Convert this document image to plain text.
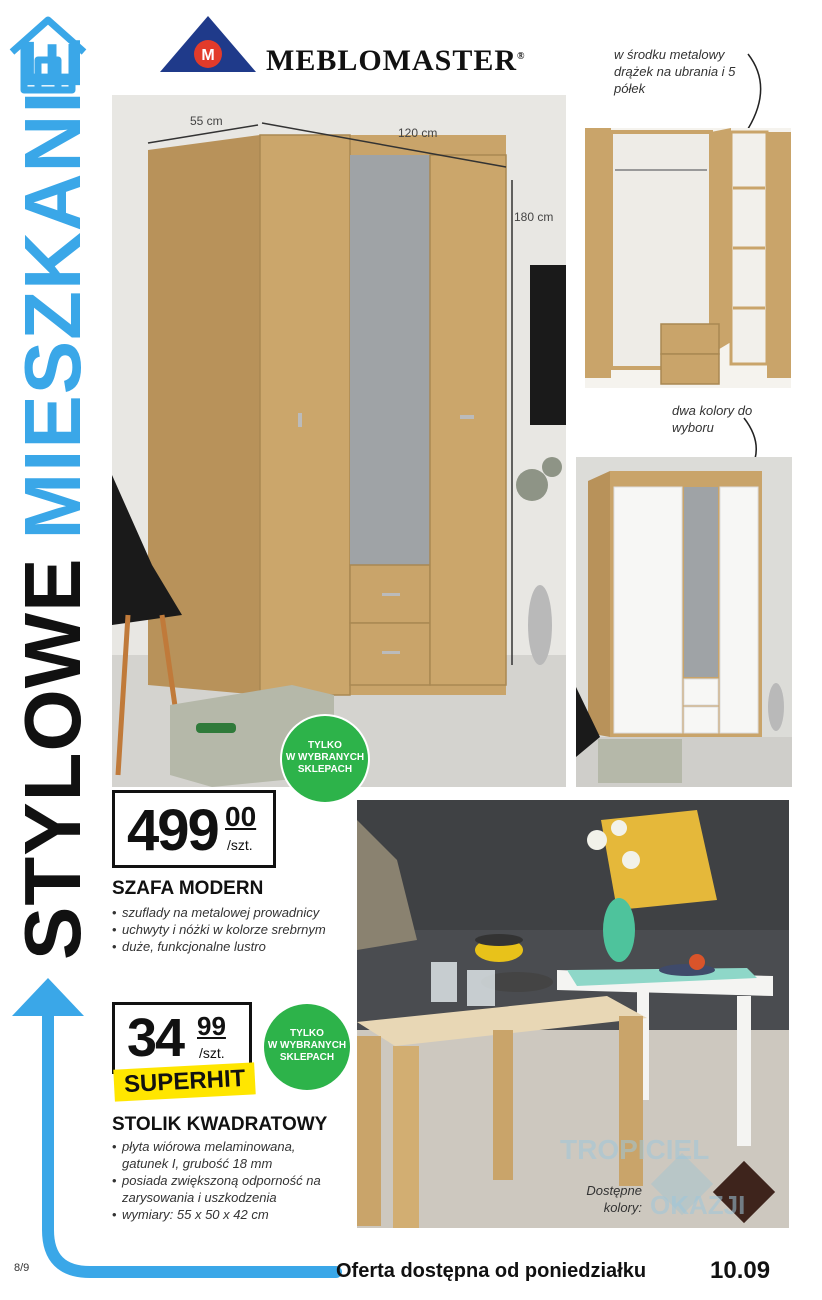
STYLOWEMIESZKANIE	M MEBLOMASTER®
55 cm
120 cm
180 cm
w środku metalowy drążek na ubrania i 5 półek
dwa kolory do wyboru
TYLKO
W WYBRANYCH
SKLEPACH
499 00
/szt.
SZAFA MODERN
• szuflady na metalowej prowadnicy
• uchwyty i nóżki w kolorze srebrnym
• duże, funkcjonalne lustro
TYLKO
W WYBRANYCH
SKLEPACH
34 99
/szt.
SUPERHIT
STOLIK KWADRATOWY
• płyta wiórowa melaminowana, gatunek I, grubość 18 mm
• posiada zwiększoną odporność na zarysowania i uszkodzenia
• wymiary: 55 x 50 x 42 cm
Dostępne kolory:
TROPICIEL
OKAZJI
Oferta dostępna od poniedziałku	10.09
8/9
